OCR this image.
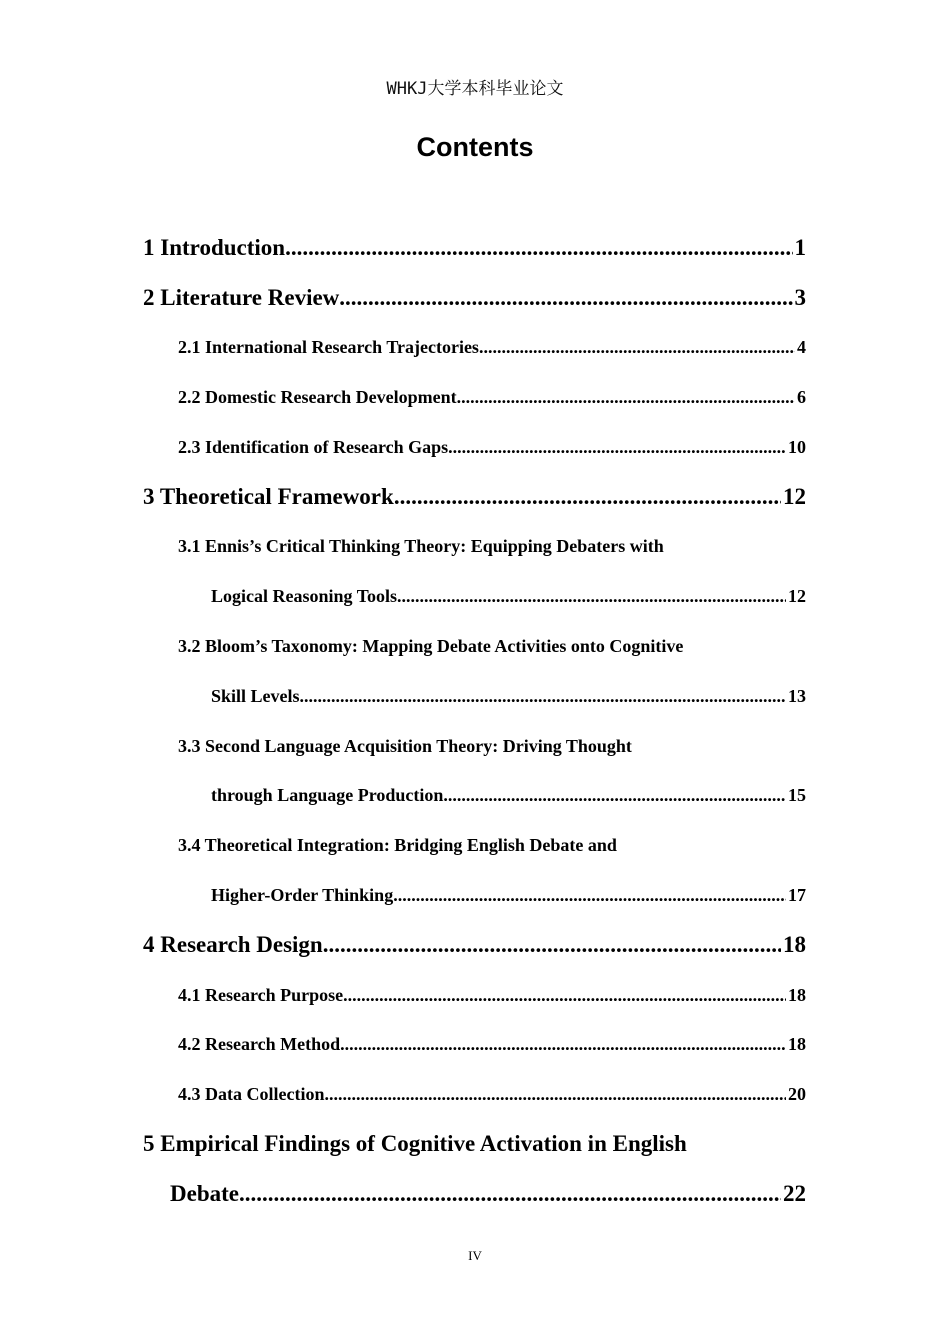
WHKJ大学本科毕业论文
Contents
1 Introduction .....	1
2 Literature Review .....	3
2.1 International Research Trajectories .....	4
2.2 Domestic Research Development .....	6
2.3 Identification of Research Gaps .....	10
3 Theoretical Framework .....	12
3.1 Ennis’s Critical Thinking Theory: Equipping Debaters with
Logical Reasoning Tools .....	12
3.2 Bloom’s Taxonomy: Mapping Debate Activities onto Cognitive
Skill Levels .....	13
3.3 Second Language Acquisition Theory: Driving Thought
through Language Production .....	15
3.4 Theoretical Integration: Bridging English Debate and
Higher-Order Thinking .....	17
4 Research Design .....	18
4.1 Research Purpose .....	18
4.2 Research Method .....	18
4.3 Data Collection .....	20
5 Empirical Findings of Cognitive Activation in English
Debate .....	22
IV
